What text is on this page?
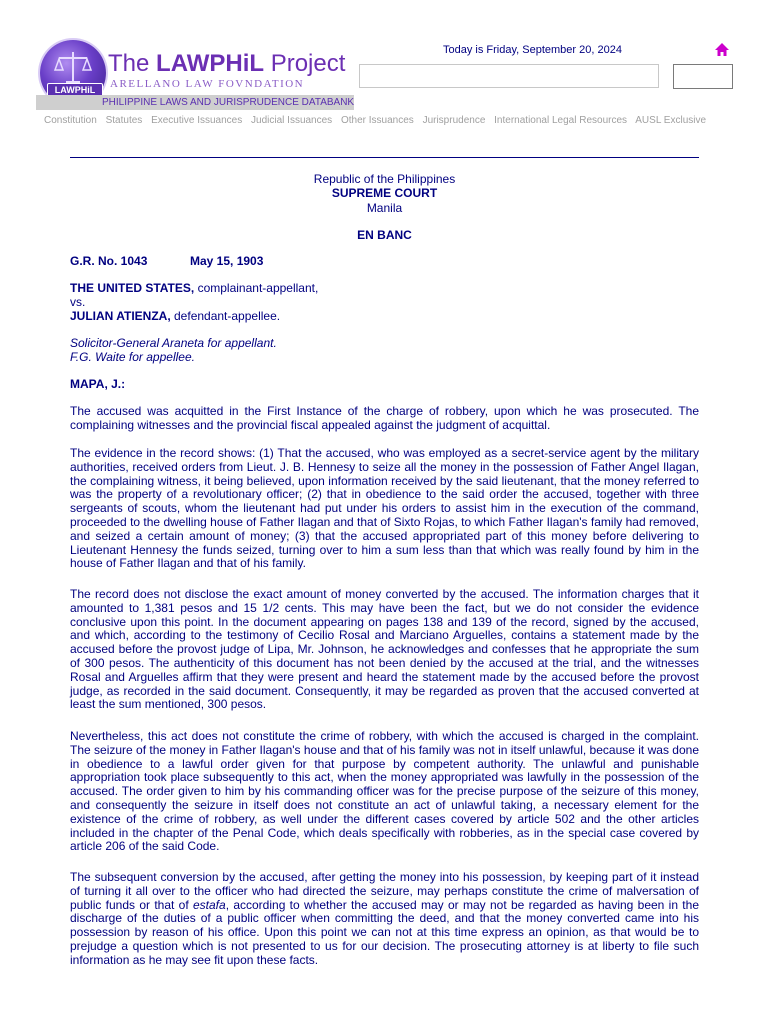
LAWPHiL
The LAWPHiL Project
ARELLANO LAW FOVNDATION
PHILIPPINE LAWS AND JURISPRUDENCE DATABANK
Today is Friday, September 20, 2024
Constitution Statutes Executive Issuances Judicial Issuances Other Issuances Jurisprudence International Legal Resources AUSL Exclusive
Republic of the Philippines
SUPREME COURT
Manila
EN BANC
G.R. No. 1043	May 15, 1903
THE UNITED STATES, complainant-appellant,
vs.
JULIAN ATIENZA, defendant-appellee.
Solicitor-General Araneta for appellant.
F.G. Waite for appellee.
MAPA, J.:
The accused was acquitted in the First Instance of the charge of robbery, upon which he was prosecuted. The complaining witnesses and the provincial fiscal appealed against the judgment of acquittal.
The evidence in the record shows: (1) That the accused, who was employed as a secret-service agent by the military authorities, received orders from Lieut. J. B. Hennesy to seize all the money in the possession of Father Angel Ilagan, the complaining witness, it being believed, upon information received by the said lieutenant, that the money referred to was the property of a revolutionary officer; (2) that in obedience to the said order the accused, together with three sergeants of scouts, whom the lieutenant had put under his orders to assist him in the execution of the command, proceeded to the dwelling house of Father Ilagan and that of Sixto Rojas, to which Father Ilagan's family had removed, and seized a certain amount of money; (3) that the accused appropriated part of this money before delivering to Lieutenant Hennesy the funds seized, turning over to him a sum less than that which was really found by him in the house of Father Ilagan and that of his family.
The record does not disclose the exact amount of money converted by the accused. The information charges that it amounted to 1,381 pesos and 15 1/2 cents. This may have been the fact, but we do not consider the evidence conclusive upon this point. In the document appearing on pages 138 and 139 of the record, signed by the accused, and which, according to the testimony of Cecilio Rosal and Marciano Arguelles, contains a statement made by the accused before the provost judge of Lipa, Mr. Johnson, he acknowledges and confesses that he appropriate the sum of 300 pesos. The authenticity of this document has not been denied by the accused at the trial, and the witnesses Rosal and Arguelles affirm that they were present and heard the statement made by the accused before the provost judge, as recorded in the said document. Consequently, it may be regarded as proven that the accused converted at least the sum mentioned, 300 pesos.
Nevertheless, this act does not constitute the crime of robbery, with which the accused is charged in the complaint. The seizure of the money in Father Ilagan's house and that of his family was not in itself unlawful, because it was done in obedience to a lawful order given for that purpose by competent authority. The unlawful and punishable appropriation took place subsequently to this act, when the money appropriated was lawfully in the possession of the accused. The order given to him by his commanding officer was for the precise purpose of the seizure of this money, and consequently the seizure in itself does not constitute an act of unlawful taking, a necessary element for the existence of the crime of robbery, as well under the different cases covered by article 502 and the other articles included in the chapter of the Penal Code, which deals specifically with robberies, as in the special case covered by article 206 of the said Code.
The subsequent conversion by the accused, after getting the money into his possession, by keeping part of it instead of turning it all over to the officer who had directed the seizure, may perhaps constitute the crime of malversation of public funds or that of estafa, according to whether the accused may or may not be regarded as having been in the discharge of the duties of a public officer when committing the deed, and that the money converted came into his possession by reason of his office. Upon this point we can not at this time express an opinion, as that would be to prejudge a question which is not presented to us for our decision. The prosecuting attorney is at liberty to file such information as he may see fit upon these facts.
